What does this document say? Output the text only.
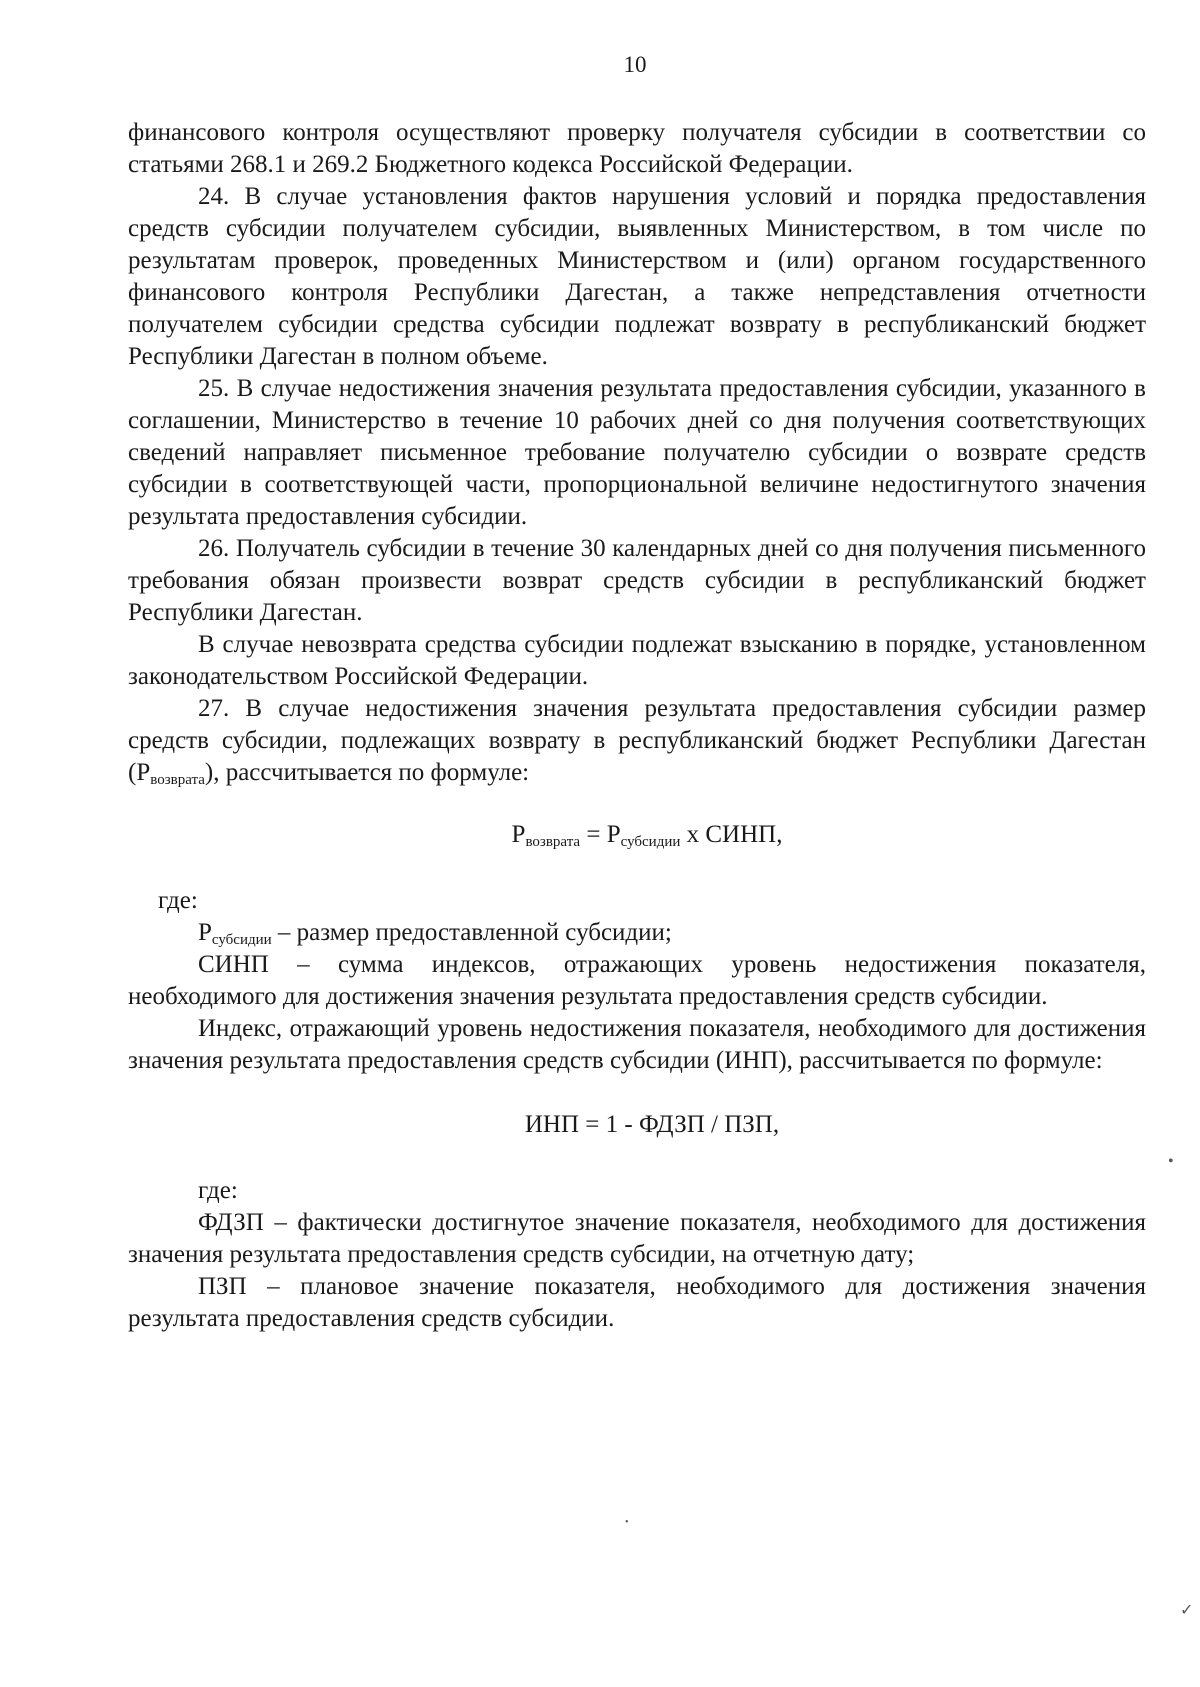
10

финансового контроля осуществляют проверку получателя субсидии в соответствии со статьями 268.1 и 269.2 Бюджетного кодекса Российской Федерации.

24. В случае установления фактов нарушения условий и порядка предоставления средств субсидии получателем субсидии, выявленных Министерством, в том числе по результатам проверок, проведенных Министерством и (или) органом государственного финансового контроля Республики Дагестан, а также непредставления отчетности получателем субсидии средства субсидии подлежат возврату в республиканский бюджет Республики Дагестан в полном объеме.

25. В случае недостижения значения результата предоставления субсидии, указанного в соглашении, Министерство в течение 10 рабочих дней со дня получения соответствующих сведений направляет письменное требование получателю субсидии о возврате средств субсидии в соответствующей части, пропорциональной величине недостигнутого значения результата предоставления субсидии.

26. Получатель субсидии в течение 30 календарных дней со дня получения письменного требования обязан произвести возврат средств субсидии в республиканский бюджет Республики Дагестан.

В случае невозврата средства субсидии подлежат взысканию в порядке, установленном законодательством Российской Федерации.

27. В случае недостижения значения результата предоставления субсидии размер средств субсидии, подлежащих возврату в республиканский бюджет Республики Дагестан $(Р_{возврата})$, рассчитывается по формуле:

$Р_{возврата} = Р_{субсидии}$ х СИНП,

где:

$Р_{субсидии}$ – размер предоставленной субсидии;

СИНП – сумма индексов, отражающих уровень недостижения показателя, необходимого для достижения значения результата предоставления средств субсидии.

Индекс, отражающий уровень недостижения показателя, необходимого для достижения значения результата предоставления средств субсидии (ИНП), рассчитывается по формуле:

ИНП = 1 - ФДЗП / ПЗП,

где:

ФДЗП – фактически достигнутое значение показателя, необходимого для достижения значения результата предоставления средств субсидии, на отчетную дату;

ПЗП – плановое значение показателя, необходимого для достижения значения результата предоставления средств субсидии.

•
✓
•
